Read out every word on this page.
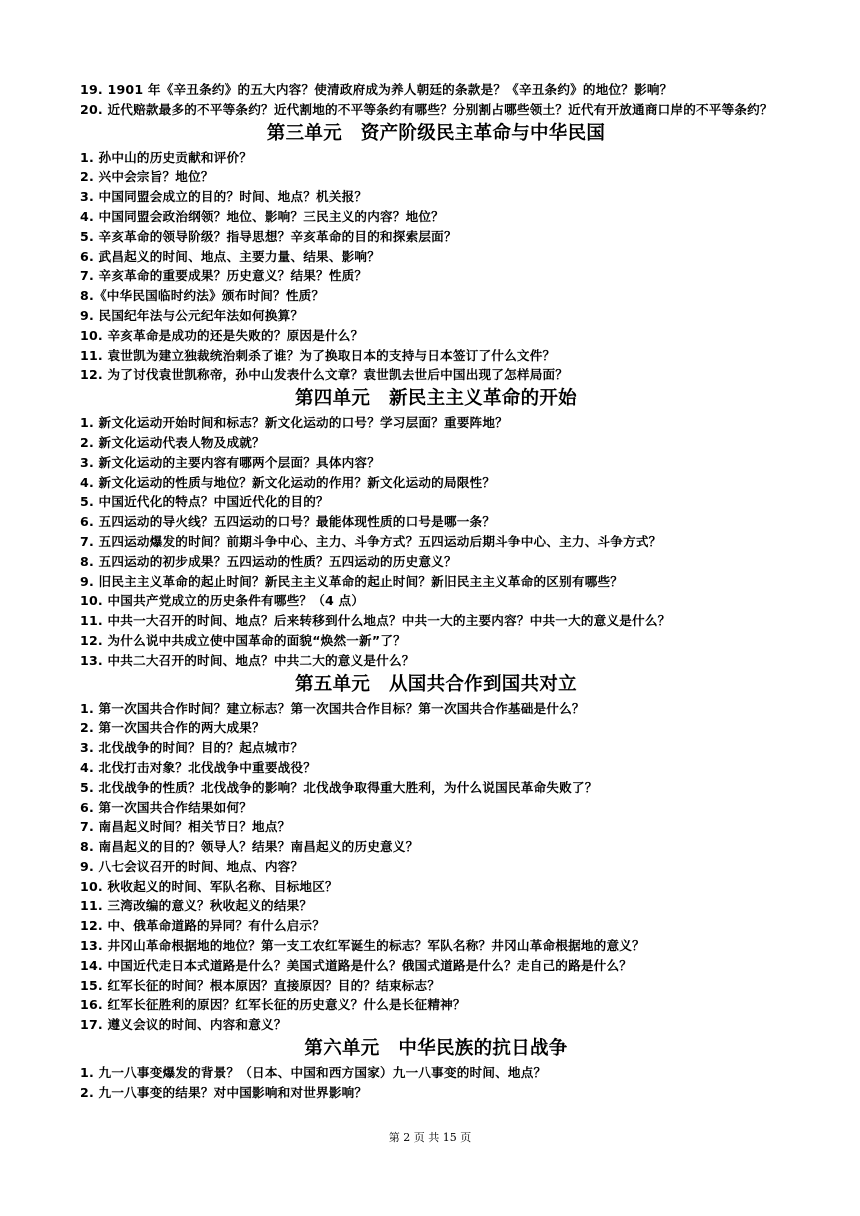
19. 1901 年《辛丑条约》的五大内容？使清政府成为养人朝廷的条款是？《辛丑条约》的地位？影响？
20. 近代赔款最多的不平等条约？近代割地的不平等条约有哪些？分别割占哪些领土？近代有开放通商口岸的不平等条约？
第三单元　资产阶级民主革命与中华民国
1. 孙中山的历史贡献和评价？
2. 兴中会宗旨？地位？
3. 中国同盟会成立的目的？时间、地点？机关报？
4. 中国同盟会政治纲领？地位、影响？三民主义的内容？地位？
5. 辛亥革命的领导阶级？指导思想？辛亥革命的目的和探索层面？
6. 武昌起义的时间、地点、主要力量、结果、影响？
7. 辛亥革命的重要成果？历史意义？结果？性质？
8.《中华民国临时约法》颁布时间？性质？
9. 民国纪年法与公元纪年法如何换算？
10. 辛亥革命是成功的还是失败的？原因是什么？
11. 袁世凯为建立独裁统治刺杀了谁？为了换取日本的支持与日本签订了什么文件？
12. 为了讨伐袁世凯称帝，孙中山发表什么文章？袁世凯去世后中国出现了怎样局面？
第四单元　新民主主义革命的开始
1. 新文化运动开始时间和标志？新文化运动的口号？学习层面？重要阵地？
2. 新文化运动代表人物及成就？
3. 新文化运动的主要内容有哪两个层面？具体内容？
4. 新文化运动的性质与地位？新文化运动的作用？新文化运动的局限性？
5. 中国近代化的特点？中国近代化的目的？
6. 五四运动的导火线？五四运动的口号？最能体现性质的口号是哪一条？
7. 五四运动爆发的时间？前期斗争中心、主力、斗争方式？五四运动后期斗争中心、主力、斗争方式？
8. 五四运动的初步成果？五四运动的性质？五四运动的历史意义？
9. 旧民主主义革命的起止时间？新民主主义革命的起止时间？新旧民主主义革命的区别有哪些？
10. 中国共产党成立的历史条件有哪些？（4 点）
11. 中共一大召开的时间、地点？后来转移到什么地点？中共一大的主要内容？中共一大的意义是什么？
12. 为什么说中共成立使中国革命的面貌“焕然一新”了？
13. 中共二大召开的时间、地点？中共二大的意义是什么？
第五单元　从国共合作到国共对立
1. 第一次国共合作时间？建立标志？第一次国共合作目标？第一次国共合作基础是什么？
2. 第一次国共合作的两大成果？
3. 北伐战争的时间？目的？起点城市？
4. 北伐打击对象？北伐战争中重要战役？
5. 北伐战争的性质？北伐战争的影响？北伐战争取得重大胜利，为什么说国民革命失败了？
6. 第一次国共合作结果如何？
7. 南昌起义时间？相关节日？地点？
8. 南昌起义的目的？领导人？结果？南昌起义的历史意义？
9. 八七会议召开的时间、地点、内容？
10. 秋收起义的时间、军队名称、目标地区？
11. 三湾改编的意义？秋收起义的结果？
12. 中、俄革命道路的异同？有什么启示？
13. 井冈山革命根据地的地位？第一支工农红军诞生的标志？军队名称？井冈山革命根据地的意义？
14. 中国近代走日本式道路是什么？美国式道路是什么？俄国式道路是什么？走自己的路是什么？
15. 红军长征的时间？根本原因？直接原因？目的？结束标志？
16. 红军长征胜利的原因？红军长征的历史意义？什么是长征精神？
17. 遵义会议的时间、内容和意义？
第六单元　中华民族的抗日战争
1. 九一八事变爆发的背景？（日本、中国和西方国家）九一八事变的时间、地点？
2. 九一八事变的结果？对中国影响和对世界影响？
第 2 页 共 15 页
